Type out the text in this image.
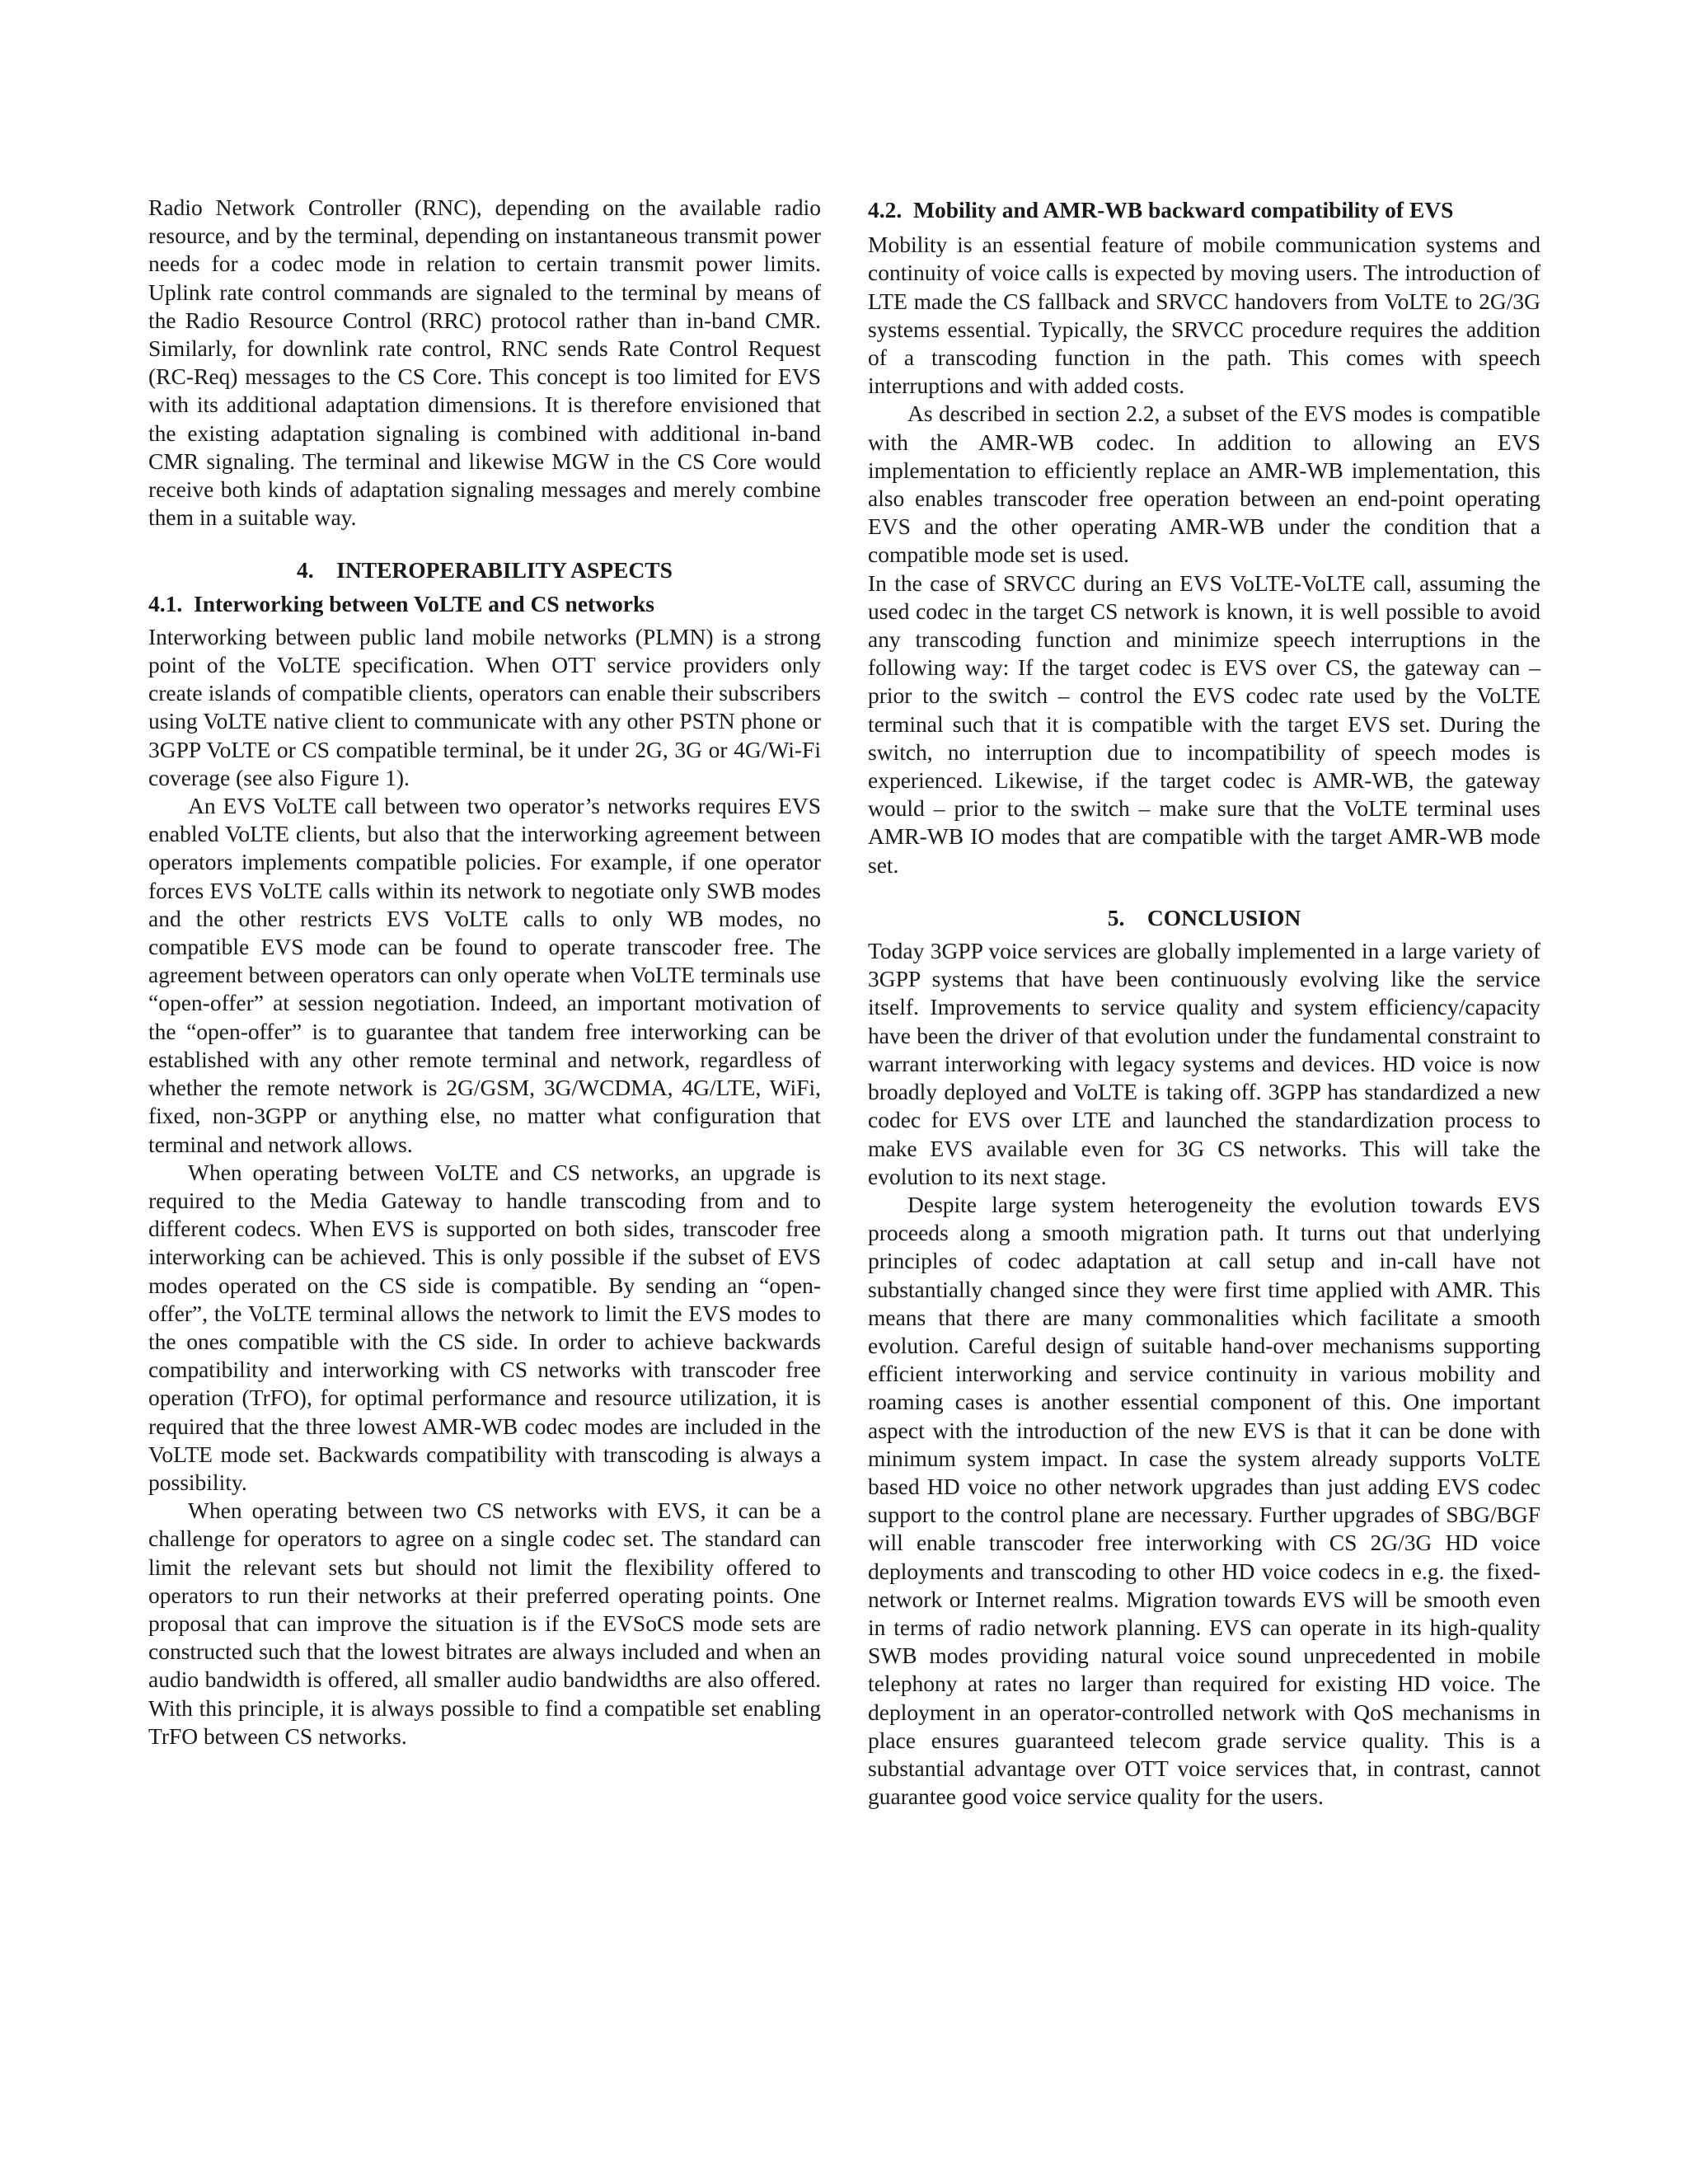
Radio Network Controller (RNC), depending on the available radio resource, and by the terminal, depending on instantaneous transmit power needs for a codec mode in relation to certain transmit power limits. Uplink rate control commands are signaled to the terminal by means of the Radio Resource Control (RRC) protocol rather than in-band CMR. Similarly, for downlink rate control, RNC sends Rate Control Request (RC-Req) messages to the CS Core. This concept is too limited for EVS with its additional adaptation dimensions. It is therefore envisioned that the existing adaptation signaling is combined with additional in-band CMR signaling. The terminal and likewise MGW in the CS Core would receive both kinds of adaptation signaling messages and merely combine them in a suitable way.

4.    INTEROPERABILITY ASPECTS
4.1.  Interworking between VoLTE and CS networks

Interworking between public land mobile networks (PLMN) is a strong point of the VoLTE specification. When OTT service providers only create islands of compatible clients, operators can enable their subscribers using VoLTE native client to communicate with any other PSTN phone or 3GPP VoLTE or CS compatible terminal, be it under 2G, 3G or 4G/Wi-Fi coverage (see also Figure 1).

An EVS VoLTE call between two operator’s networks requires EVS enabled VoLTE clients, but also that the interworking agreement between operators implements compatible policies. For example, if one operator forces EVS VoLTE calls within its network to negotiate only SWB modes and the other restricts EVS VoLTE calls to only WB modes, no compatible EVS mode can be found to operate transcoder free. The agreement between operators can only operate when VoLTE terminals use “open-offer” at session negotiation. Indeed, an important motivation of the “open-offer” is to guarantee that tandem free interworking can be established with any other remote terminal and network, regardless of whether the remote network is 2G/GSM, 3G/WCDMA, 4G/LTE, WiFi, fixed, non-3GPP or anything else, no matter what configuration that terminal and network allows.

When operating between VoLTE and CS networks, an upgrade is required to the Media Gateway to handle transcoding from and to different codecs. When EVS is supported on both sides, transcoder free interworking can be achieved. This is only possible if the subset of EVS modes operated on the CS side is compatible. By sending an “open-offer”, the VoLTE terminal allows the network to limit the EVS modes to the ones compatible with the CS side. In order to achieve backwards compatibility and interworking with CS networks with transcoder free operation (TrFO), for optimal performance and resource utilization, it is required that the three lowest AMR-WB codec modes are included in the VoLTE mode set. Backwards compatibility with transcoding is always a possibility.

When operating between two CS networks with EVS, it can be a challenge for operators to agree on a single codec set. The standard can limit the relevant sets but should not limit the flexibility offered to operators to run their networks at their preferred operating points. One proposal that can improve the situation is if the EVSoCS mode sets are constructed such that the lowest bitrates are always included and when an audio bandwidth is offered, all smaller audio bandwidths are also offered. With this principle, it is always possible to find a compatible set enabling TrFO between CS networks.

4.2.  Mobility and AMR-WB backward compatibility of EVS

Mobility is an essential feature of mobile communication systems and continuity of voice calls is expected by moving users. The introduction of LTE made the CS fallback and SRVCC handovers from VoLTE to 2G/3G systems essential. Typically, the SRVCC procedure requires the addition of a transcoding function in the path. This comes with speech interruptions and with added costs.

As described in section 2.2, a subset of the EVS modes is compatible with the AMR-WB codec. In addition to allowing an EVS implementation to efficiently replace an AMR-WB implementation, this also enables transcoder free operation between an end-point operating EVS and the other operating AMR-WB under the condition that a compatible mode set is used.

In the case of SRVCC during an EVS VoLTE-VoLTE call, assuming the used codec in the target CS network is known, it is well possible to avoid any transcoding function and minimize speech interruptions in the following way: If the target codec is EVS over CS, the gateway can – prior to the switch – control the EVS codec rate used by the VoLTE terminal such that it is compatible with the target EVS set. During the switch, no interruption due to incompatibility of speech modes is experienced. Likewise, if the target codec is AMR-WB, the gateway would – prior to the switch – make sure that the VoLTE terminal uses AMR-WB IO modes that are compatible with the target AMR-WB mode set.

5.    CONCLUSION

Today 3GPP voice services are globally implemented in a large variety of 3GPP systems that have been continuously evolving like the service itself. Improvements to service quality and system efficiency/capacity have been the driver of that evolution under the fundamental constraint to warrant interworking with legacy systems and devices. HD voice is now broadly deployed and VoLTE is taking off. 3GPP has standardized a new codec for EVS over LTE and launched the standardization process to make EVS available even for 3G CS networks. This will take the evolution to its next stage.

Despite large system heterogeneity the evolution towards EVS proceeds along a smooth migration path. It turns out that underlying principles of codec adaptation at call setup and in-call have not substantially changed since they were first time applied with AMR. This means that there are many commonalities which facilitate a smooth evolution. Careful design of suitable hand-over mechanisms supporting efficient interworking and service continuity in various mobility and roaming cases is another essential component of this. One important aspect with the introduction of the new EVS is that it can be done with minimum system impact. In case the system already supports VoLTE based HD voice no other network upgrades than just adding EVS codec support to the control plane are necessary. Further upgrades of SBG/BGF will enable transcoder free interworking with CS 2G/3G HD voice deployments and transcoding to other HD voice codecs in e.g. the fixed-network or Internet realms. Migration towards EVS will be smooth even in terms of radio network planning. EVS can operate in its high-quality SWB modes providing natural voice sound unprecedented in mobile telephony at rates no larger than required for existing HD voice. The deployment in an operator-controlled network with QoS mechanisms in place ensures guaranteed telecom grade service quality. This is a substantial advantage over OTT voice services that, in contrast, cannot guarantee good voice service quality for the users.
